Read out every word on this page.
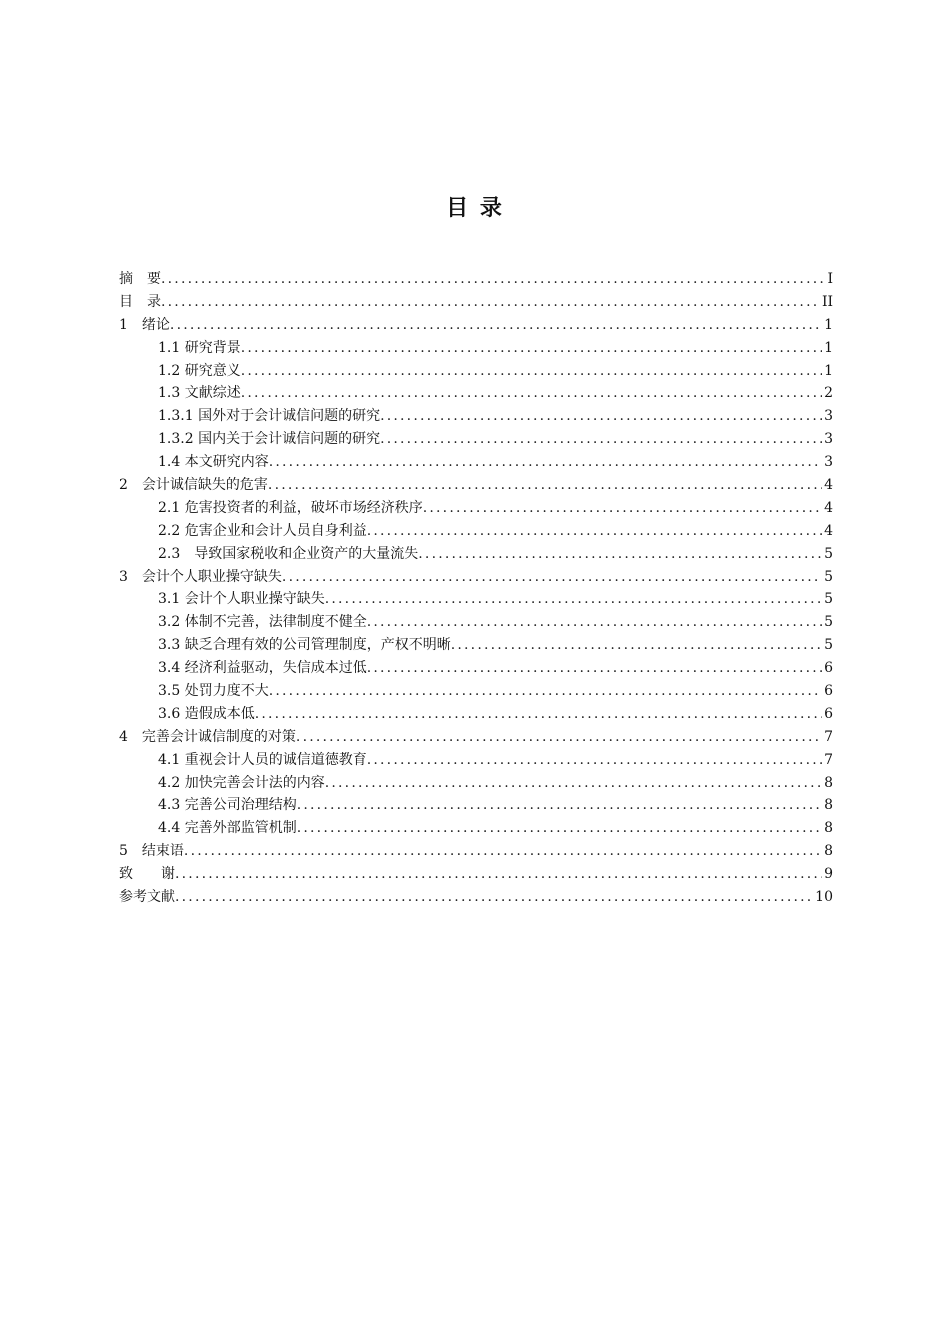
目 录
摘　要 .....	I
目　录 .....	II
1　绪论 .....	1
1.1 研究背景 .....	1
1.2 研究意义 .....	1
1.3 文献综述 .....	2
1.3.1 国外对于会计诚信问题的研究 .....	3
1.3.2 国内关于会计诚信问题的研究 .....	3
1.4 本文研究内容 .....	3
2　会计诚信缺失的危害 .....	4
2.1 危害投资者的利益，破坏市场经济秩序 .....	4
2.2 危害企业和会计人员自身利益 .....	4
2.3　导致国家税收和企业资产的大量流失 .....	5
3　会计个人职业操守缺失 .....	5
3.1 会计个人职业操守缺失 .....	5
3.2 体制不完善，法律制度不健全 .....	5
3.3 缺乏合理有效的公司管理制度，产权不明晰 .....	5
3.4 经济利益驱动，失信成本过低 .....	6
3.5 处罚力度不大 .....	6
3.6 造假成本低 .....	6
4　完善会计诚信制度的对策 .....	7
4.1 重视会计人员的诚信道德教育 .....	7
4.2 加快完善会计法的内容 .....	8
4.3 完善公司治理结构 .....	8
4.4 完善外部监管机制 .....	8
5　结束语 .....	8
致　　谢 .....	9
参考文献 .....	10
